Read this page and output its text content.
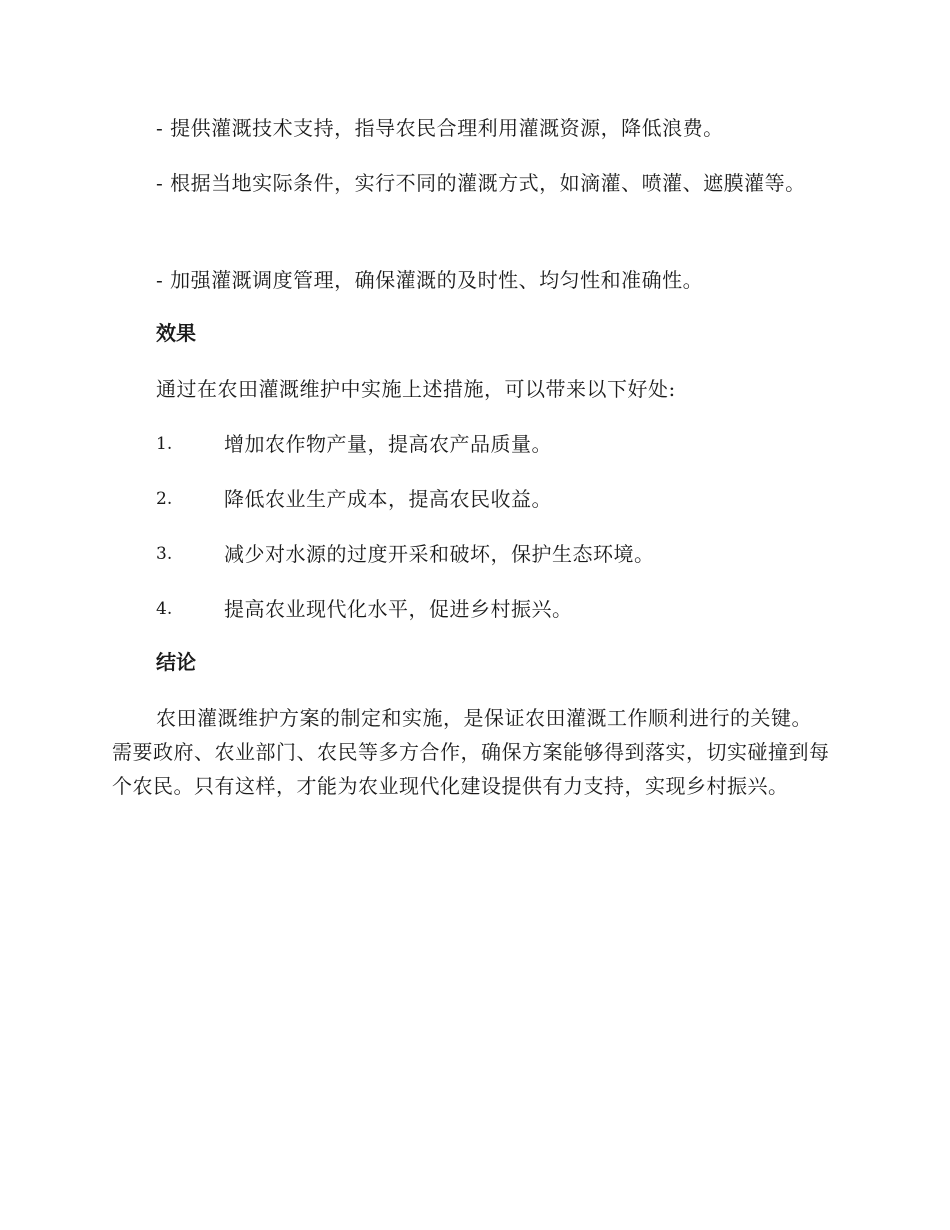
- 提供灌溉技术支持，指导农民合理利用灌溉资源，降低浪费。

- 根据当地实际条件，实行不同的灌溉方式，如滴灌、喷灌、遮膜灌等。

- 加强灌溉调度管理，确保灌溉的及时性、均匀性和准确性。

效果

通过在农田灌溉维护中实施上述措施，可以带来以下好处:

1.	增加农作物产量，提高农产品质量。
2.	降低农业生产成本，提高农民收益。
3.	减少对水源的过度开采和破坏，保护生态环境。
4.	提高农业现代化水平，促进乡村振兴。
结论

农田灌溉维护方案的制定和实施，是保证农田灌溉工作顺利进行的关键。需要政府、农业部门、农民等多方合作，确保方案能够得到落实，切实碰撞到每个农民。只有这样，才能为农业现代化建设提供有力支持，实现乡村振兴。
